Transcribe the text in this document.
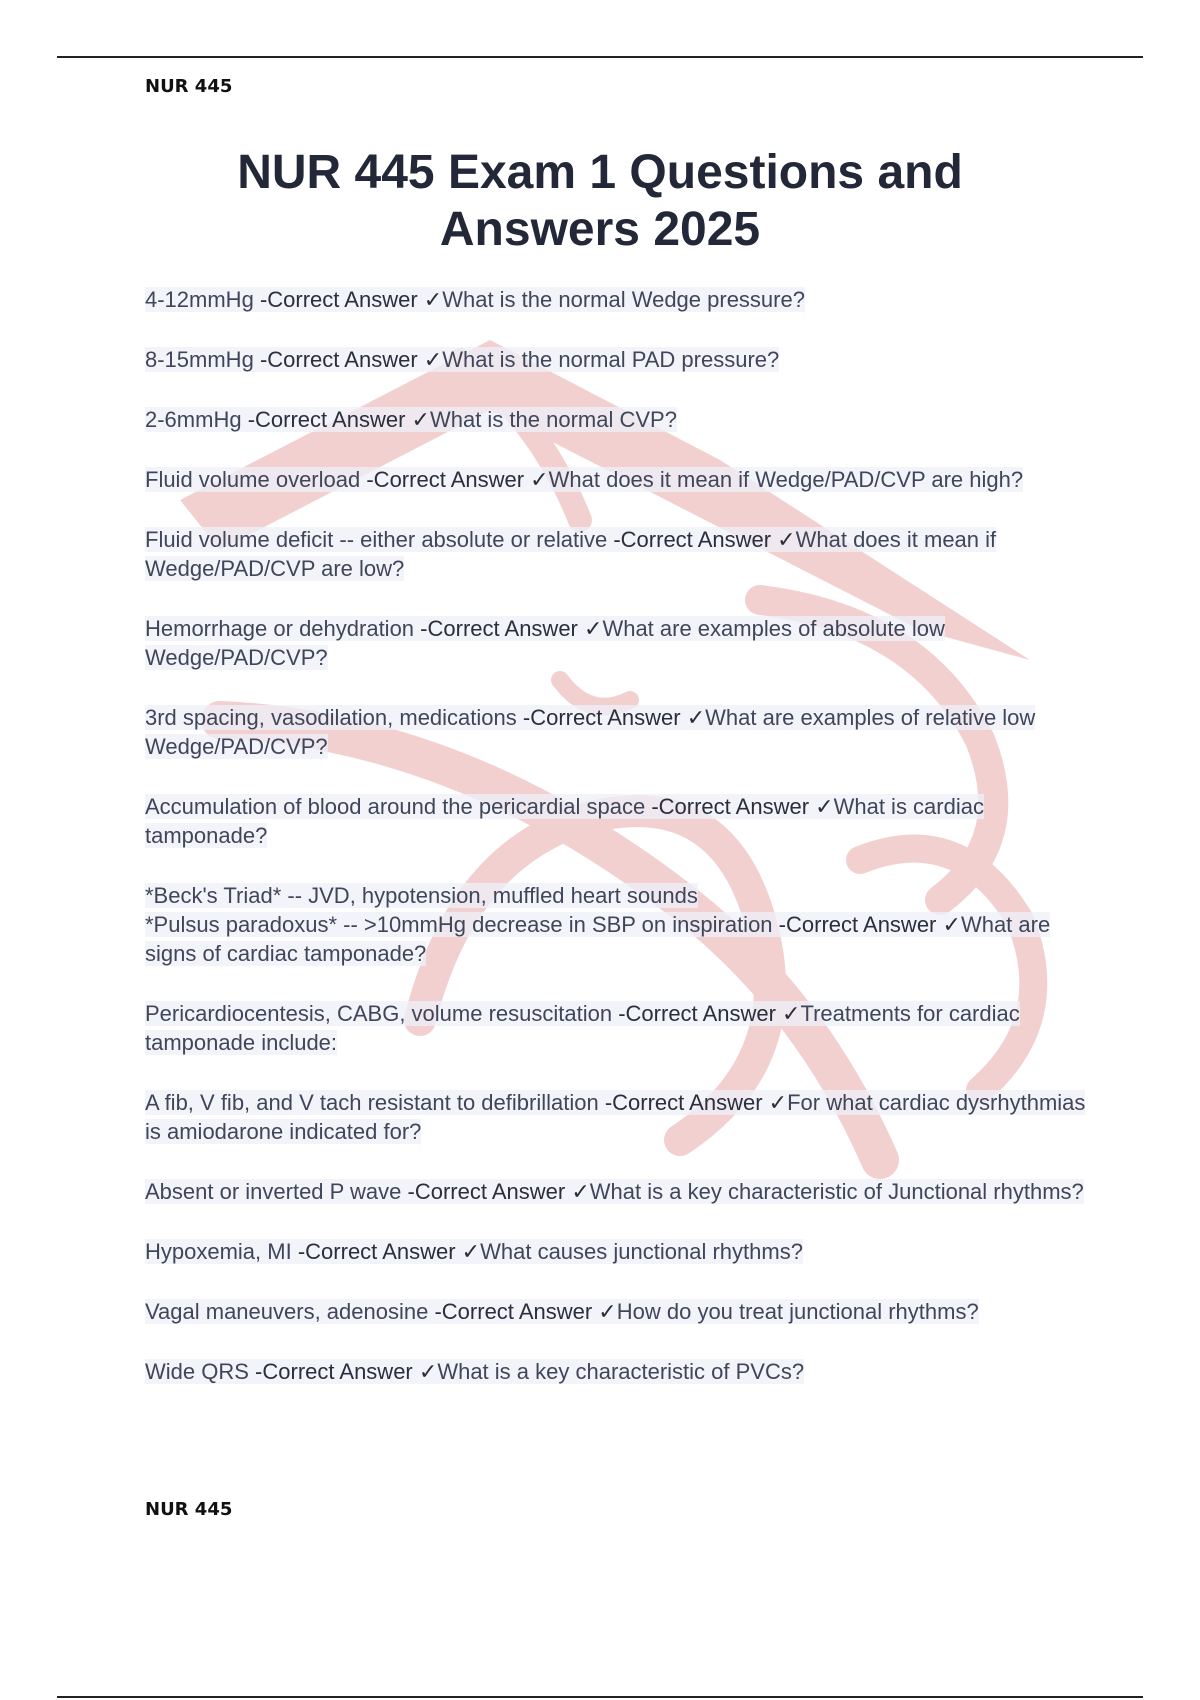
NUR 445
NUR 445 Exam 1 Questions and
Answers 2025
4-12mmHg -Correct Answer ✓What is the normal Wedge pressure?
8-15mmHg -Correct Answer ✓What is the normal PAD pressure?
2-6mmHg -Correct Answer ✓What is the normal CVP?
Fluid volume overload -Correct Answer ✓What does it mean if Wedge/PAD/CVP are high?
Fluid volume deficit -- either absolute or relative -Correct Answer ✓What does it mean if Wedge/PAD/CVP are low?
Hemorrhage or dehydration -Correct Answer ✓What are examples of absolute low Wedge/PAD/CVP?
3rd spacing, vasodilation, medications -Correct Answer ✓What are examples of relative low Wedge/PAD/CVP?
Accumulation of blood around the pericardial space -Correct Answer ✓What is cardiac tamponade?
*Beck's Triad* -- JVD, hypotension, muffled heart sounds
*Pulsus paradoxus* -- >10mmHg decrease in SBP on inspiration -Correct Answer ✓What are signs of cardiac tamponade?
Pericardiocentesis, CABG, volume resuscitation -Correct Answer ✓Treatments for cardiac tamponade include:
A fib, V fib, and V tach resistant to defibrillation -Correct Answer ✓For what cardiac dysrhythmias is amiodarone indicated for?
Absent or inverted P wave -Correct Answer ✓What is a key characteristic of Junctional rhythms?
Hypoxemia, MI -Correct Answer ✓What causes junctional rhythms?
Vagal maneuvers, adenosine -Correct Answer ✓How do you treat junctional rhythms?
Wide QRS -Correct Answer ✓What is a key characteristic of PVCs?
NUR 445
